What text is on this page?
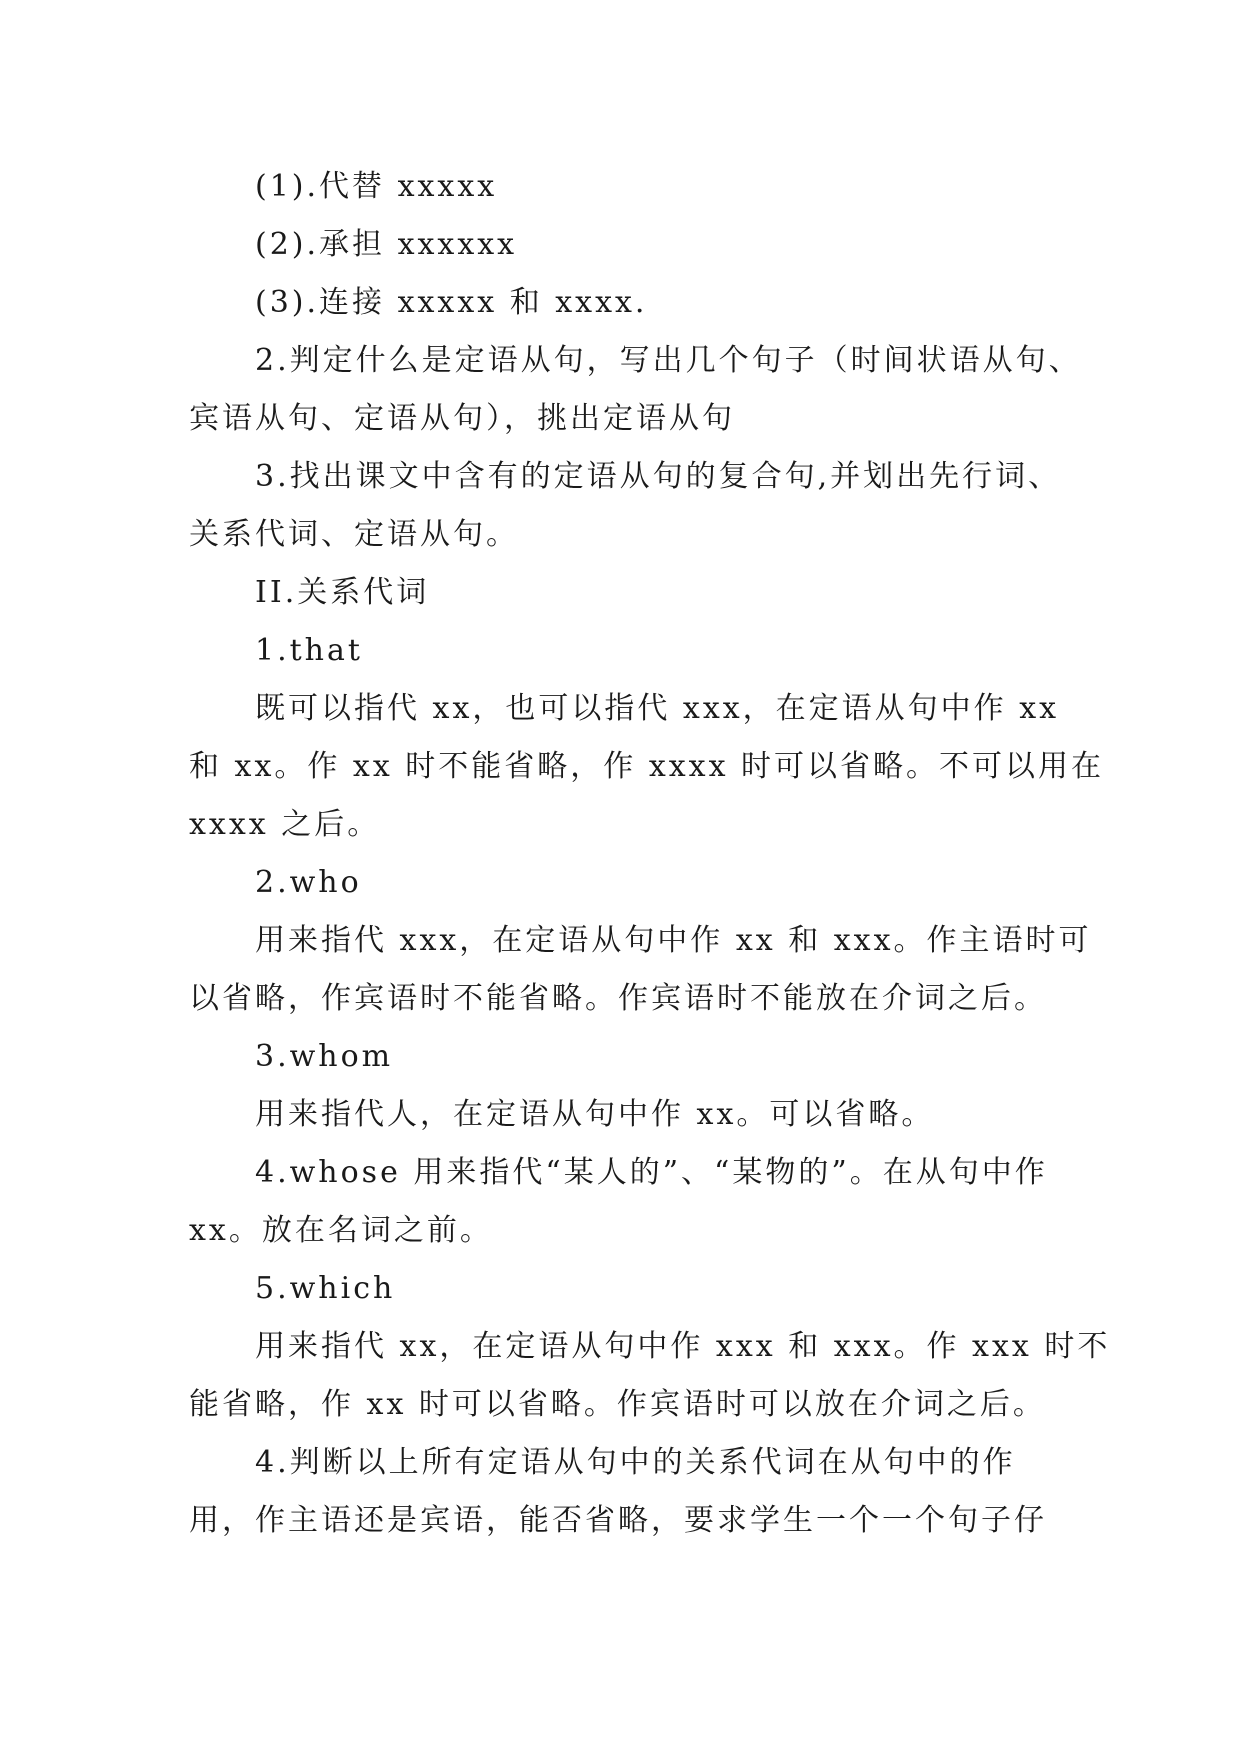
(1).代替 xxxxx
(2).承担 xxxxxx
(3).连接 xxxxx 和 xxxx.
2.判定什么是定语从句，写出几个句子（时间状语从句、
宾语从句、定语从句），挑出定语从句
3.找出课文中含有的定语从句的复合句,并划出先行词、
关系代词、定语从句。
II.关系代词
1.that
既可以指代 xx，也可以指代 xxx，在定语从句中作 xx
和 xx。作 xx 时不能省略，作 xxxx 时可以省略。不可以用在
xxxx 之后。
2.who
用来指代 xxx，在定语从句中作 xx 和 xxx。作主语时可
以省略，作宾语时不能省略。作宾语时不能放在介词之后。
3.whom
用来指代人，在定语从句中作 xx。可以省略。
4.whose 用来指代“某人的”、“某物的”。在从句中作
xx。放在名词之前。
5.which
用来指代 xx，在定语从句中作 xxx 和 xxx。作 xxx 时不
能省略，作 xx 时可以省略。作宾语时可以放在介词之后。
4.判断以上所有定语从句中的关系代词在从句中的作
用，作主语还是宾语，能否省略，要求学生一个一个句子仔
